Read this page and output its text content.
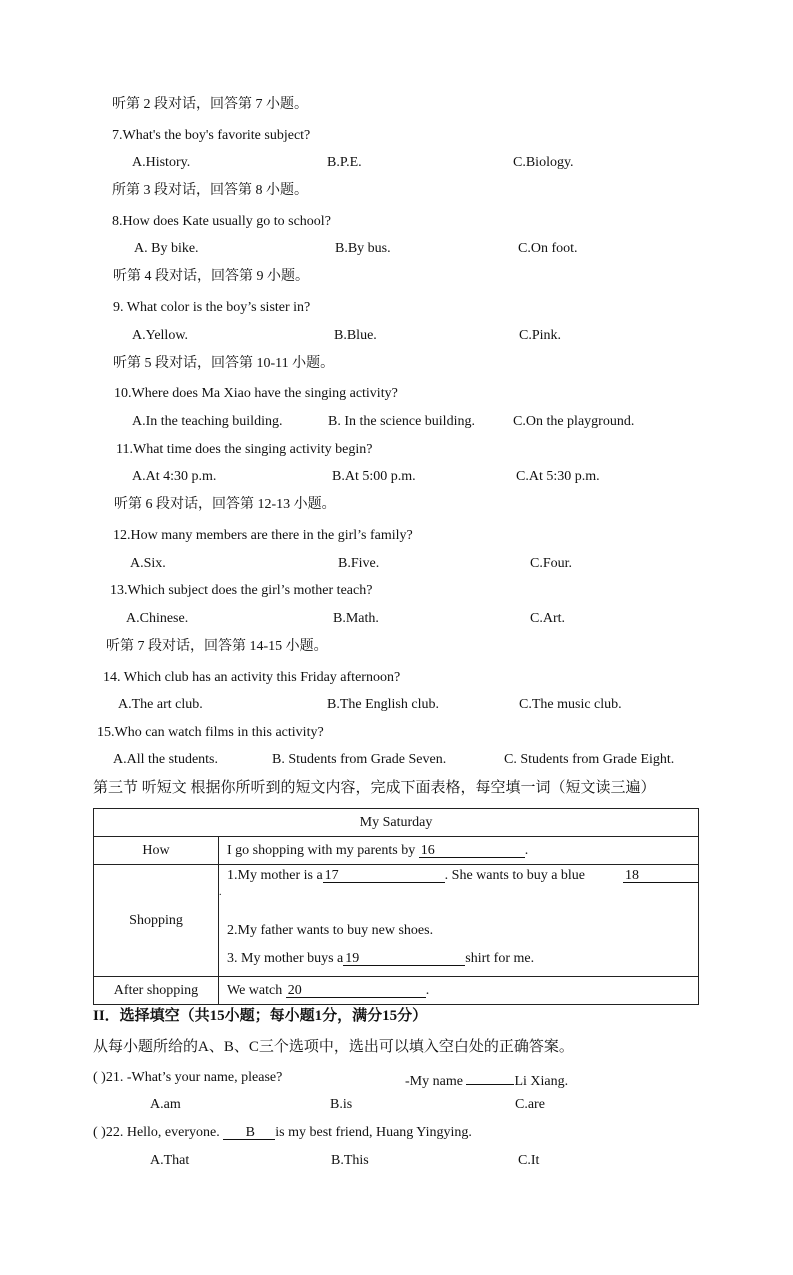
听第 2 段对话，回答第 7 小题。
7.What's the boy's favorite subject?
A.History.	B.P.E.	C.Biology.
所第 3 段对话，回答第 8 小题。
8.How does Kate usually go to school?
A. By bike.	B.By bus.	C.On foot.
听第 4 段对话，回答第 9 小题。
9. What color is the boy’s sister in?
A.Yellow.	B.Blue.	C.Pink.
听第 5 段对话，回答第 10-11 小题。
10.Where does Ma Xiao have the singing activity?
A.In the teaching building.	B. In the science building.	C.On the playground.
11.What time does the singing activity begin?
A.At 4:30 p.m.	B.At 5:00 p.m.	C.At 5:30 p.m.
听第 6 段对话，回答第 12-13 小题。
12.How many members are there in the girl’s family?
A.Six.	B.Five.	C.Four.
13.Which subject does the girl’s mother teach?
A.Chinese.	B.Math.	C.Art.
听第 7 段对话，回答第 14-15 小题。
14. Which club has an activity this Friday afternoon?
A.The art club.	B.The English club.	C.The music club.
15.Who can watch films in this activity?
A.All the students.	B. Students from Grade Seven.	C. Students from Grade Eight.
第三节 听短文 根据你所听到的短文内容，完成下面表格，每空填一词（短文读三遍）
My Saturday	
How	I go shopping with my parents by 16 .
Shopping	1.My mother is a 17 . She wants to buy a blue 18
.
2.My father wants to buy new shoes.
3. My mother buys a 19 shirt for me.

After shopping	We watch 20 .
II．选择填空（共15小题；每小题1分，满分15分）
从每小题所给的A、B、C三个选项中，选出可以填入空白处的正确答案。
( )21. -What’s your name, please?	-My name	Li Xiang.
A.am	B.is	C.are
( )22. Hello, everyone. B is my best friend, Huang Yingying.
A.That	B.This	C.It
